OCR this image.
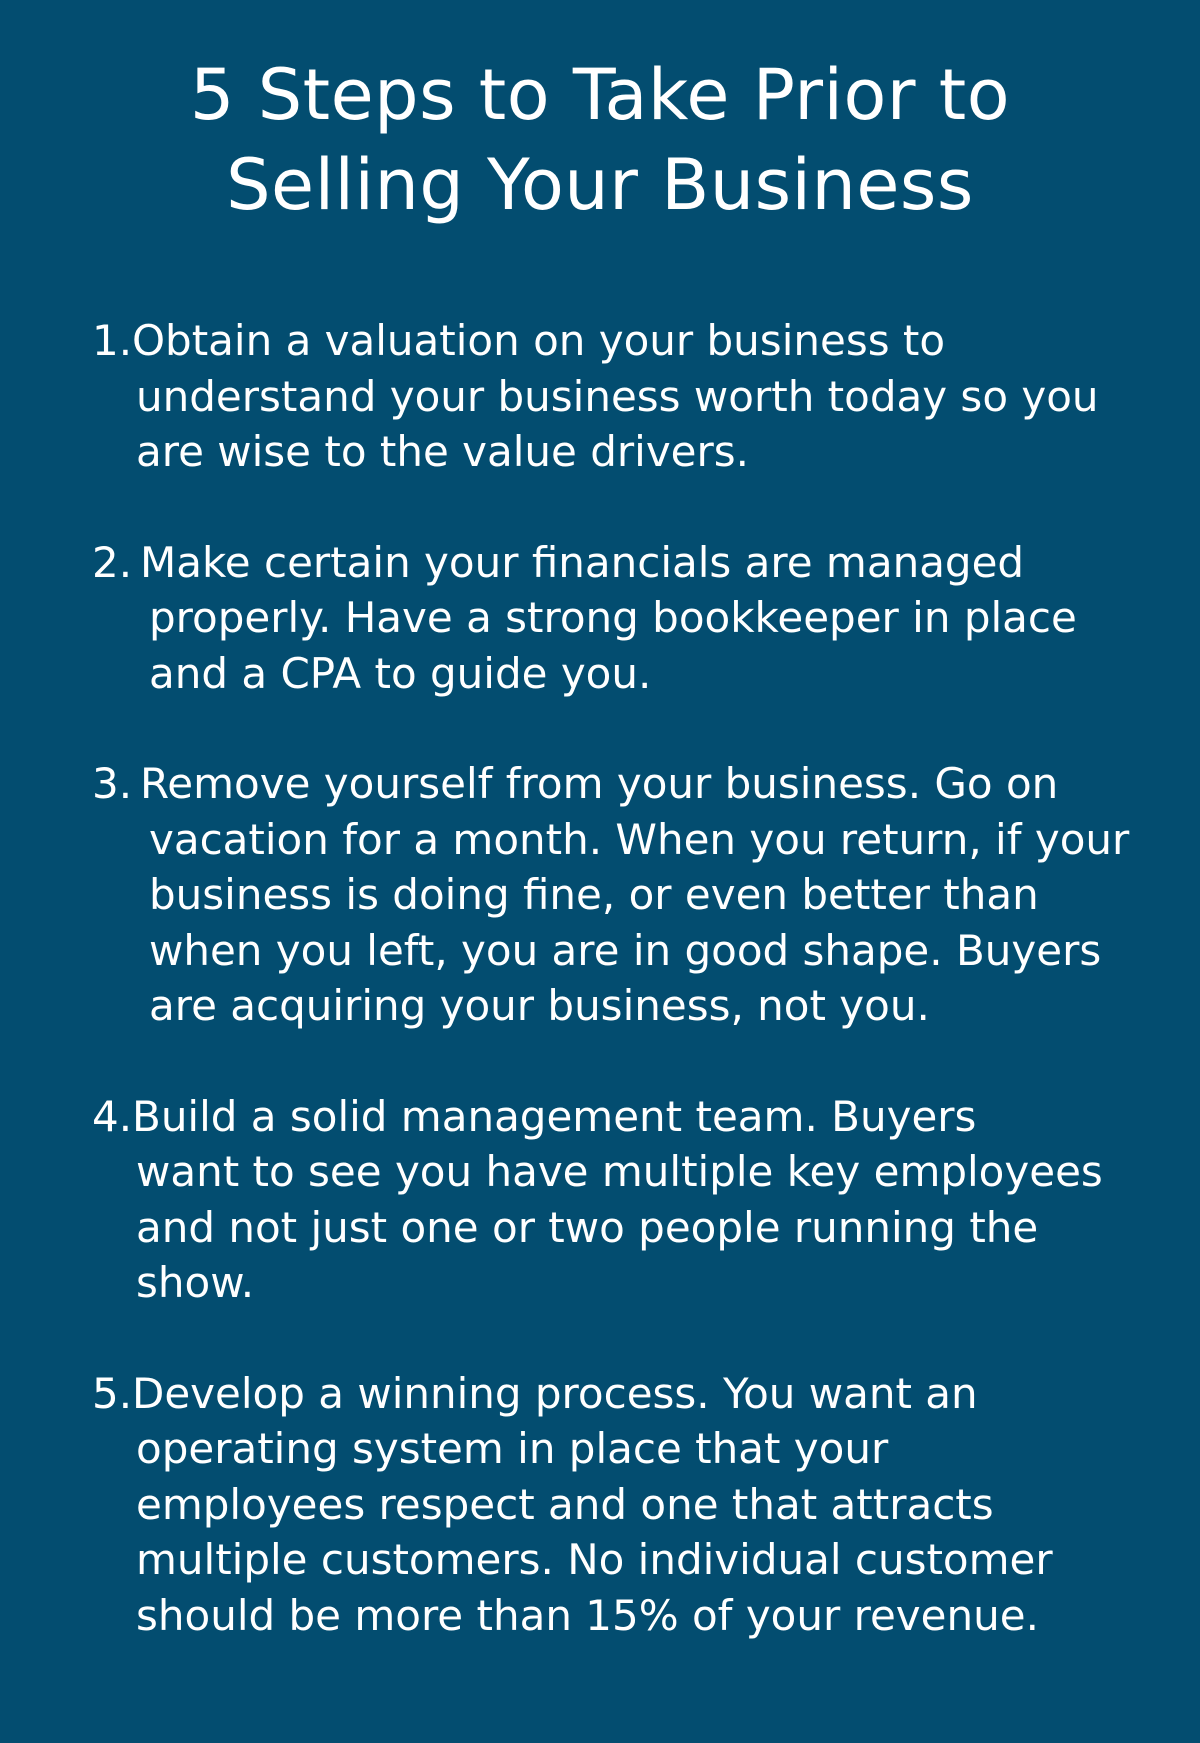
5 Steps to Take Prior to
Selling Your Business
1. Obtain a valuation on your business to
understand your business worth today so you
are wise to the value drivers.
2. Make certain your financials are managed
properly. Have a strong bookkeeper in place
and a CPA to guide you.
3. Remove yourself from your business. Go on
vacation for a month. When you return, if your
business is doing fine, or even better than
when you left, you are in good shape. Buyers
are acquiring your business, not you.
4. Build a solid management team. Buyers
want to see you have multiple key employees
and not just one or two people running the
show.
5. Develop a winning process. You want an
operating system in place that your
employees respect and one that attracts
multiple customers. No individual customer
should be more than 15% of your revenue.
